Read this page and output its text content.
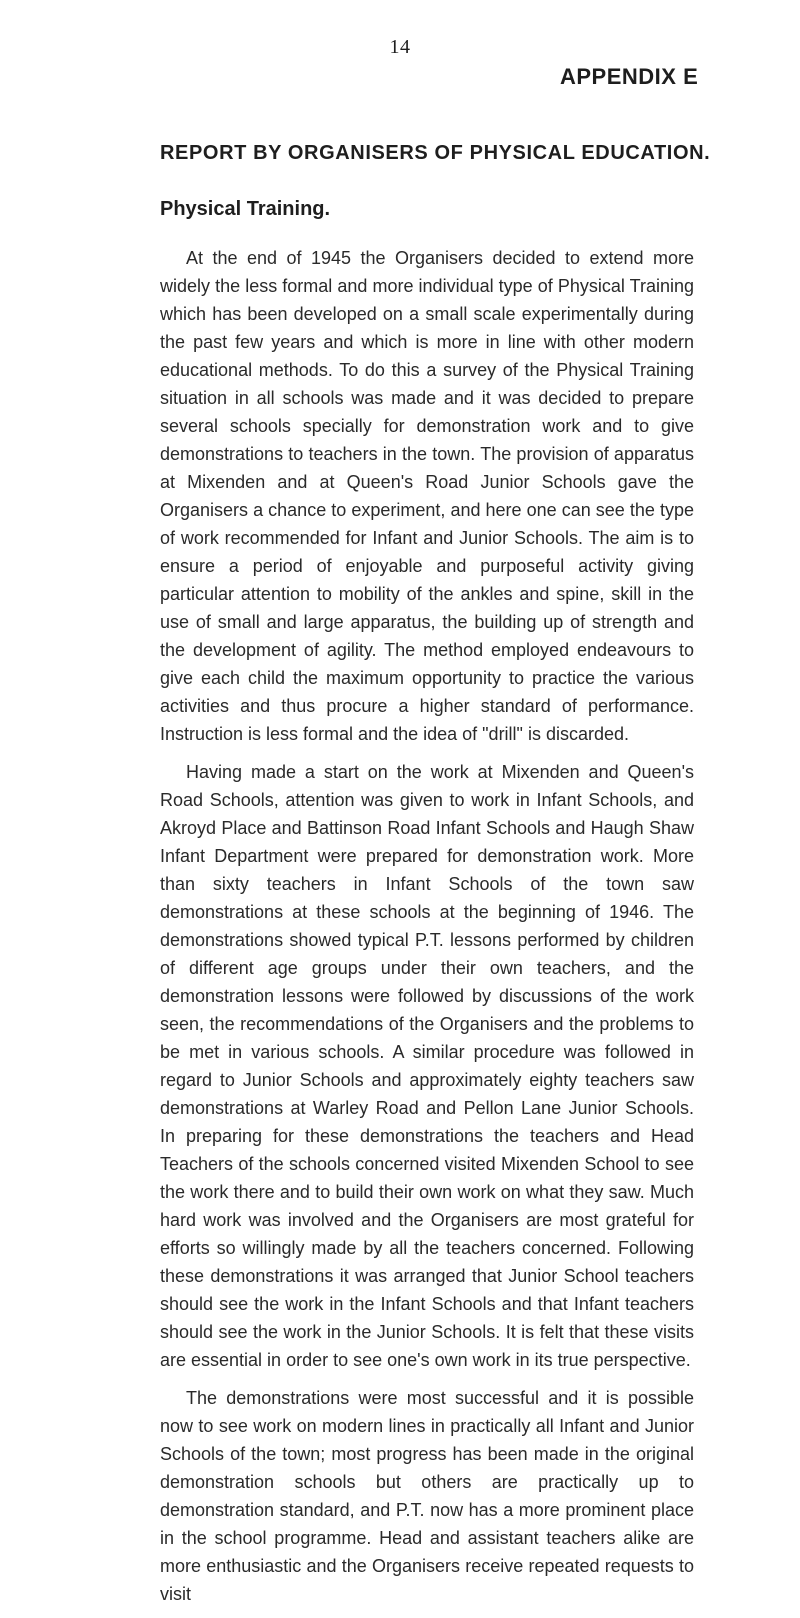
14
APPENDIX E
REPORT BY ORGANISERS OF PHYSICAL EDUCATION.
Physical Training.

At the end of 1945 the Organisers decided to extend more widely the less formal and more individual type of Physical Training which has been developed on a small scale experimentally during the past few years and which is more in line with other modern educational methods. To do this a survey of the Physical Training situation in all schools was made and it was decided to prepare several schools specially for demonstration work and to give demonstrations to teachers in the town. The provision of apparatus at Mixenden and at Queen's Road Junior Schools gave the Organisers a chance to experiment, and here one can see the type of work recommended for Infant and Junior Schools. The aim is to ensure a period of enjoyable and purposeful activity giving particular attention to mobility of the ankles and spine, skill in the use of small and large apparatus, the building up of strength and the development of agility. The method employed endeavours to give each child the maximum opportunity to practice the various activities and thus procure a higher standard of performance. Instruction is less formal and the idea of "drill" is discarded.

Having made a start on the work at Mixenden and Queen's Road Schools, attention was given to work in Infant Schools, and Akroyd Place and Battinson Road Infant Schools and Haugh Shaw Infant Department were prepared for demonstration work. More than sixty teachers in Infant Schools of the town saw demonstrations at these schools at the beginning of 1946. The demonstrations showed typical P.T. lessons performed by children of different age groups under their own teachers, and the demonstration lessons were followed by discussions of the work seen, the recommendations of the Organisers and the problems to be met in various schools. A similar procedure was followed in regard to Junior Schools and approximately eighty teachers saw demonstrations at Warley Road and Pellon Lane Junior Schools. In preparing for these demonstrations the teachers and Head Teachers of the schools concerned visited Mixenden School to see the work there and to build their own work on what they saw. Much hard work was involved and the Organisers are most grateful for efforts so willingly made by all the teachers concerned. Following these demonstrations it was arranged that Junior School teachers should see the work in the Infant Schools and that Infant teachers should see the work in the Junior Schools. It is felt that these visits are essential in order to see one's own work in its true perspective.

The demonstrations were most successful and it is possible now to see work on modern lines in practically all Infant and Junior Schools of the town; most progress has been made in the original demonstration schools but others are practically up to demonstration standard, and P.T. now has a more prominent place in the school programme. Head and assistant teachers alike are more enthusiastic and the Organisers receive repeated requests to visit
